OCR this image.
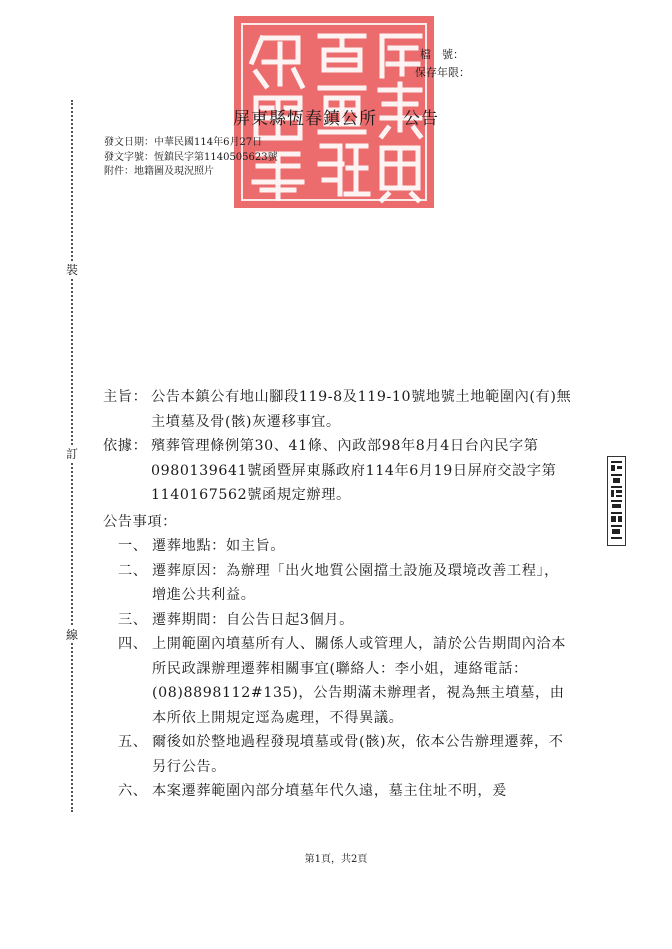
裝
訂
線
檔　號：
保存年限：
屏東縣恆春鎮公所 公告
發文日期：中華民國114年6月27日
發文字號：恆鎮民字第1140505623號
附件：地籍圖及現況照片
主旨： 公告本鎮公有地山腳段119-8及119-10號地號土地範圍內(有)無主墳墓及骨(骸)灰遷移事宜。
依據： 殯葬管理條例第30、41條、內政部98年8月4日台內民字第0980139641號函暨屏東縣政府114年6月19日屏府交設字第1140167562號函規定辦理。
公告事項：
一、 遷葬地點：如主旨。
二、 遷葬原因：為辦理「出火地質公園擋土設施及環境改善工程」，增進公共利益。
三、 遷葬期間：自公告日起3個月。
四、 上開範圍內墳墓所有人、關係人或管理人，請於公告期間內洽本所民政課辦理遷葬相關事宜(聯絡人：李小姐，連絡電話：(08)8898112#135)，公告期滿未辦理者，視為無主墳墓，由本所依上開規定逕為處理，不得異議。
五、 爾後如於整地過程發現墳墓或骨(骸)灰，依本公告辦理遷葬，不另行公告。
六、 本案遷葬範圍內部分墳墓年代久遠，墓主住址不明，爰
第1頁，共2頁
